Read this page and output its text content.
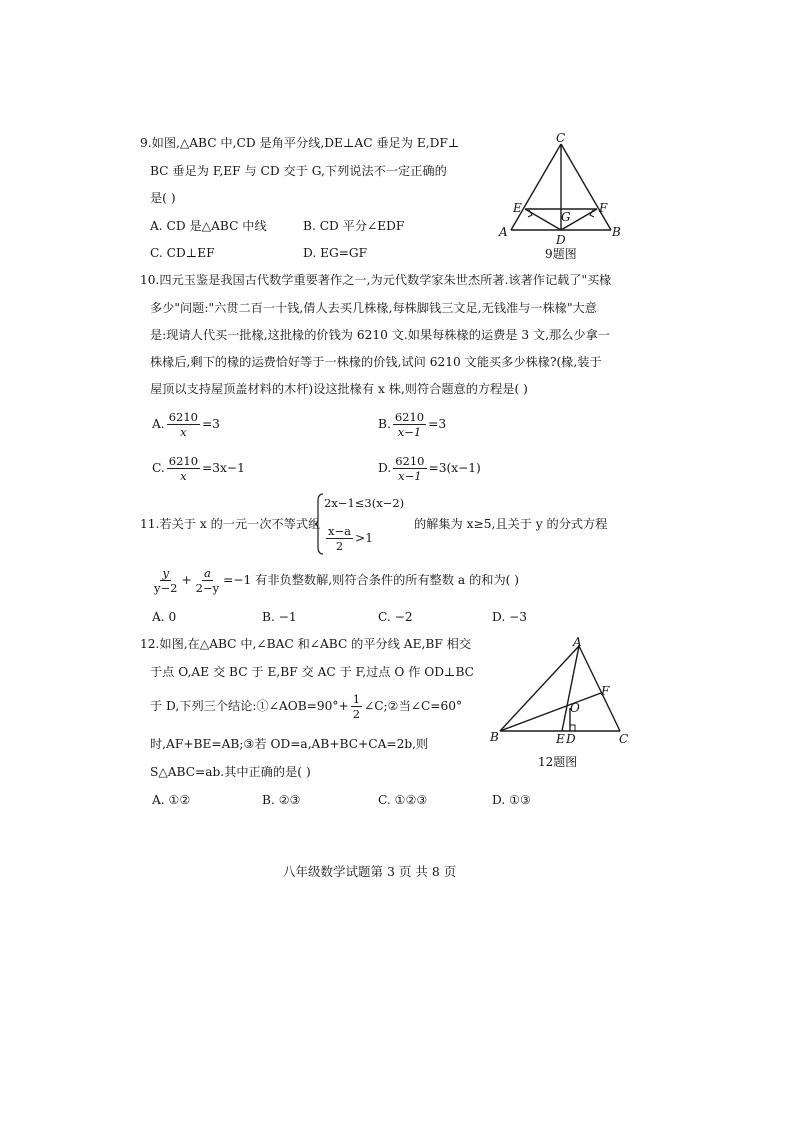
9.如图,△ABC 中,CD 是角平分线,DE⊥AC 垂足为 E,DF⊥
BC 垂足为 F,EF 与 CD 交于 G,下列说法不一定正确的
是( )
A. CD 是△ABC 中线	B. CD 平分∠EDF
C. CD⊥EF	D. EG=GF
C
E	F
G
A
D
B
9题图
10.四元玉鉴是我国古代数学重要著作之一,为元代数学家朱世杰所著.该著作记载了"买椽
多少"问题:"六贯二百一十钱,倩人去买几株椽,每株脚钱三文足,无钱准与一株椽"大意
是:现请人代买一批椽,这批椽的价钱为 6210 文.如果每株椽的运费是 3 文,那么少拿一
株椽后,剩下的椽的运费恰好等于一株椽的价钱,试问 6210 文能买多少株椽?(椽,装于
屋顶以支持屋顶盖材料的木杆)设这批椽有 x 株,则符合题意的方程是( )
A. $\frac{6210}{x} =3$	B. $\frac{6210}{x-1} =3$
C. $\frac{6210}{x} =3x-1$	D. $\frac{6210}{x-1} =3(x-1)$
11.若关于 x 的一元一次不等式组
2x−1≤3(x−2)
$\frac{x-a}{2} >1$
的解集为 x≥5,且关于 y 的分式方程
$\frac{y}{y-2} + \frac{a}{2-y} =-1$ 有非负整数解,则符合条件的所有整数 a 的和为( )
A. 0	B. −1	C. −2	D. −3
12.如图,在△ABC 中,∠BAC 和∠ABC 的平分线 AE,BF 相交
于点 O,AE 交 BC 于 E,BF 交 AC 于 F,过点 O 作 OD⊥BC
于 D,下列三个结论:①∠AOB=90°+ $\frac{1}{2}$ ∠C;②当∠C=60°
时,AF+BE=AB;③若 OD=a,AB+BC+CA=2b,则
S△ABC=ab.其中正确的是( )
A. ①②	B. ②③	C. ①②③	D. ①③
A
F
O
B	E D	C
12题图
八年级数学试题第 3 页 共 8 页
